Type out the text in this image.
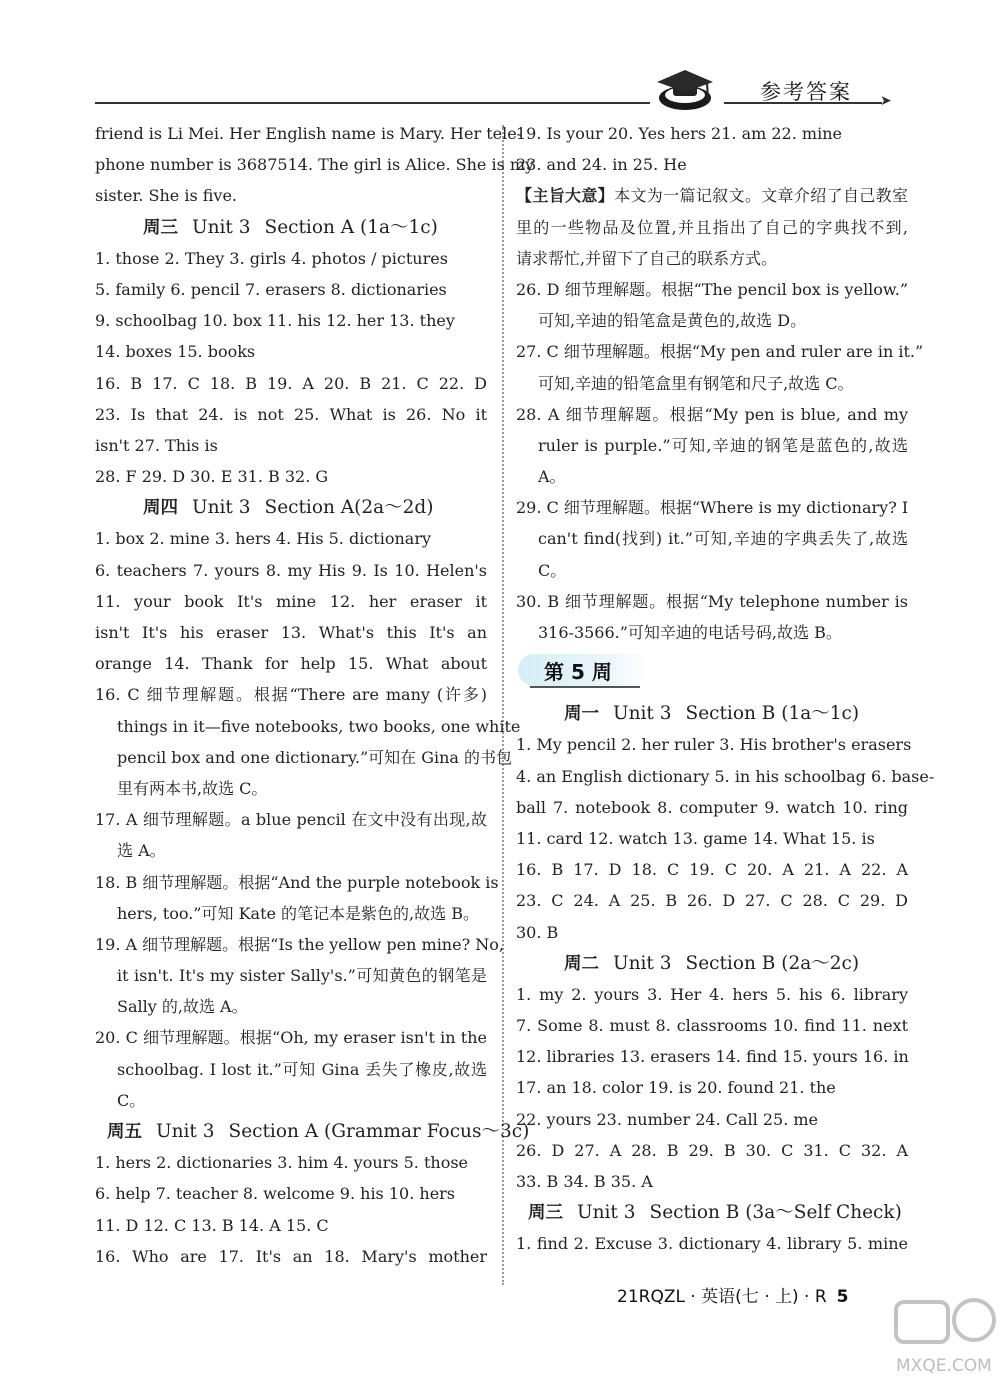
➤
参考答案
friend is Li Mei. Her English name is Mary. Her tele-
phone number is 3687514. The girl is Alice. She is my
sister. She is five.
周三 Unit 3 Section A (1a～1c)
1. those 2. They 3. girls 4. photos / pictures
5. family 6. pencil 7. erasers 8. dictionaries
9. schoolbag 10. box 11. his 12. her 13. they
14. boxes 15. books
16. B 17. C 18. B 19. A 20. B 21. C 22. D
23. Is that 24. is not 25. What is 26. No it
isn't 27. This is
28. F 29. D 30. E 31. B 32. G
周四 Unit 3 Section A(2a～2d)
1. box 2. mine 3. hers 4. His 5. dictionary
6. teachers 7. yours 8. my His 9. Is 10. Helen's
11. your book It's mine 12. her eraser it
isn't It's his eraser 13. What's this It's an
orange 14. Thank for help 15. What about
16. C 细节理解题。根据“There are many (许多)
things in it—five notebooks, two books, one white
pencil box and one dictionary.”可知在 Gina 的书包
里有两本书,故选 C。
17. A 细节理解题。a blue pencil 在文中没有出现,故
选 A。
18. B 细节理解题。根据“And the purple notebook is
hers, too.”可知 Kate 的笔记本是紫色的,故选 B。
19. A 细节理解题。根据“Is the yellow pen mine? No,
it isn't. It's my sister Sally's.”可知黄色的钢笔是
Sally 的,故选 A。
20. C 细节理解题。根据“Oh, my eraser isn't in the
schoolbag. I lost it.”可知 Gina 丢失了橡皮,故选
C。
周五 Unit 3 Section A (Grammar Focus～3c)
1. hers 2. dictionaries 3. him 4. yours 5. those
6. help 7. teacher 8. welcome 9. his 10. hers
11. D 12. C 13. B 14. A 15. C
16. Who are 17. It's an 18. Mary's mother
19. Is your 20. Yes hers 21. am 22. mine
23. and 24. in 25. He
【主旨大意】本文为一篇记叙文。文章介绍了自己教室
里的一些物品及位置,并且指出了自己的字典找不到,
请求帮忙,并留下了自己的联系方式。
26. D 细节理解题。根据“The pencil box is yellow.”
可知,辛迪的铅笔盒是黄色的,故选 D。
27. C 细节理解题。根据“My pen and ruler are in it.”
可知,辛迪的铅笔盒里有钢笔和尺子,故选 C。
28. A 细节理解题。根据“My pen is blue, and my
ruler is purple.”可知,辛迪的钢笔是蓝色的,故选
A。
29. C 细节理解题。根据“Where is my dictionary? I
can't find(找到) it.”可知,辛迪的字典丢失了,故选
C。
30. B 细节理解题。根据“My telephone number is
316-3566.”可知辛迪的电话号码,故选 B。
第 5 周
周一 Unit 3 Section B (1a～1c)
1. My pencil 2. her ruler 3. His brother's erasers
4. an English dictionary 5. in his schoolbag 6. base-
ball 7. notebook 8. computer 9. watch 10. ring
11. card 12. watch 13. game 14. What 15. is
16. B 17. D 18. C 19. C 20. A 21. A 22. A
23. C 24. A 25. B 26. D 27. C 28. C 29. D
30. B
周二 Unit 3 Section B (2a～2c)
1. my 2. yours 3. Her 4. hers 5. his 6. library
7. Some 8. must 8. classrooms 10. find 11. next
12. libraries 13. erasers 14. find 15. yours 16. in
17. an 18. color 19. is 20. found 21. the
22. yours 23. number 24. Call 25. me
26. D 27. A 28. B 29. B 30. C 31. C 32. A
33. B 34. B 35. A
周三 Unit 3 Section B (3a～Self Check)
1. find 2. Excuse 3. dictionary 4. library 5. mine
21RQZL · 英语(七 · 上) · R 5
MXQE.COM
